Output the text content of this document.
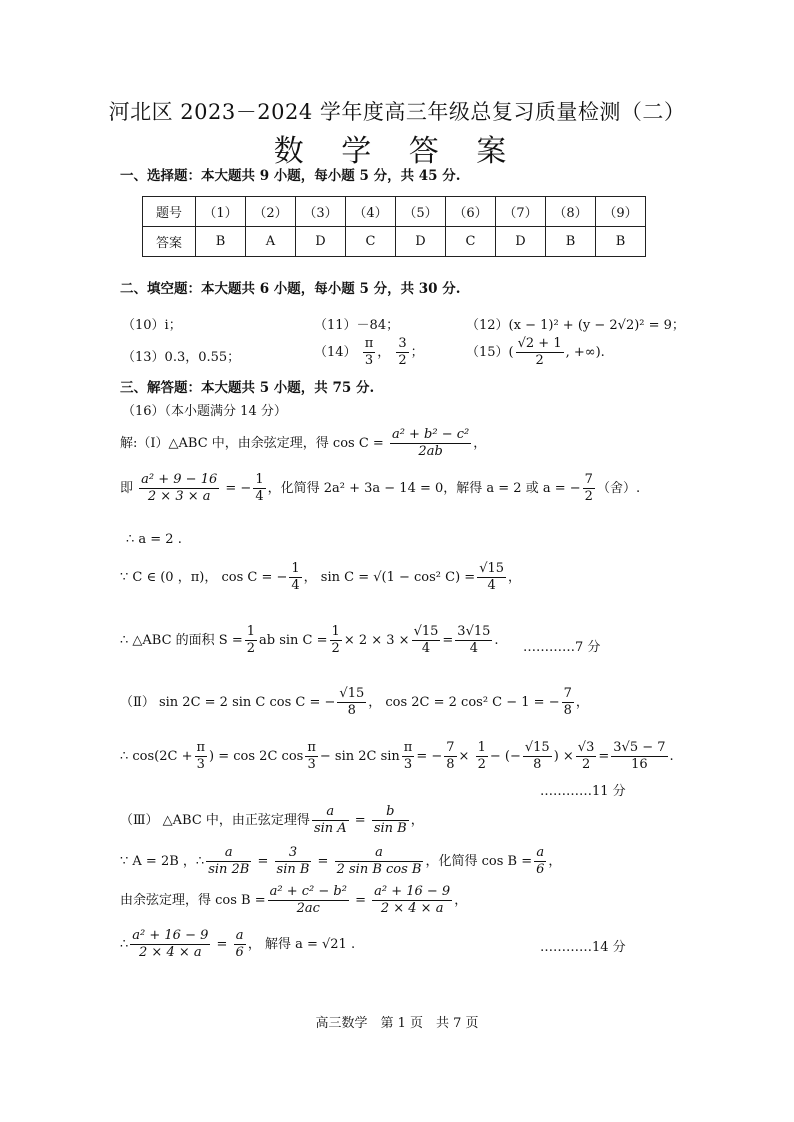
河北区 2023－2024 学年度高三年级总复习质量检测（二）
数 学 答 案
一、选择题：本大题共 9 小题，每小题 5 分，共 45 分.
题号	（1）	（2）	（3）	（4）	（5）	（6）	（7）	（8）	（9）
答案	B	A	D	C	D	C	D	B	B
二、填空题：本大题共 6 小题，每小题 5 分，共 30 分.
（10）i；	（11）－84；	（12）(x − 1)² + (y − 2√2)² = 9；
（13）0.3，0.55；	$(14) \frac{\pi}{3}$ ， $\frac{3}{2}$ ；	$(15)( \frac{√2 + 1}{2}$ , +∞).
三、解答题：本大题共 5 小题，共 75 分.
（16）（本小题满分 14 分）
解:（Ⅰ）△ABC 中，由余弦定理，得 $\cos C = \frac{\text{a² + b² − c²}}{2ab}$ ，
即 $\frac{\text{a² + 9 − 16}}{2 \times 3 \times a}$ = − $\frac{1}{4}$ ，化简得 2a² + 3a − 14 = 0，解得 a = 2 或 a = − $\frac{7}{2}$ （舍）.
∴ a = 2 .
∵ C ∈ (0 ，π)， cos C = − $\frac{1}{4}$ ， sin C = √(1 − cos² $C) = \frac{√15}{4}$ ，
∴ △ABC 的面积 $S = \frac{1}{2}$ ab $\sin C = \frac{1}{2} \times 2 \times 3 \times \frac{√15}{4} = \frac{3√15}{4}$ . …………7 分
（Ⅱ） sin 2C = 2 sin C cos C = − $\frac{√15}{8}$ ， cos 2C = 2 cos² C − 1 = − $\frac{7}{8}$ ，
∴ $\cos(2C + \frac{\pi}{3}$ ) = cos 2C $\cos \frac{\pi}{3} - \sin 2C$ $\sin \frac{\pi}{3}$ = − $\frac{7}{8} \times \frac{1}{2}$ − (− $\frac{√15}{8}$ ) × $\frac{√3}{2} = \frac{3√5 - 7}{16}$ .
…………11 分
（Ⅲ） △ABC 中，由正弦定理得 $\frac{a}{\text{sin A}} = \frac{b}{\text{sin B}}$ ，
∵ A = 2B ，∴ $\frac{a}{\sin 2B} = \frac{3}{\text{sin B}} = \frac{a}{\text{2 sin B cos B}}$ ，化简得 $\cos B = \frac{a}{6}$ ，
由余弦定理，得 $\cos B = \frac{\text{a² + c² − b²}}{2ac} = \frac{\text{a² + 16 − 9}}{2 \times 4 \times a}$ ，
∴ $\frac{\text{a² + 16 − 9}}{2 \times 4 \times a} = \frac{a}{6}$ ， 解得 a = √21 .	…………14 分
高三数学　第 1 页　共 7 页
